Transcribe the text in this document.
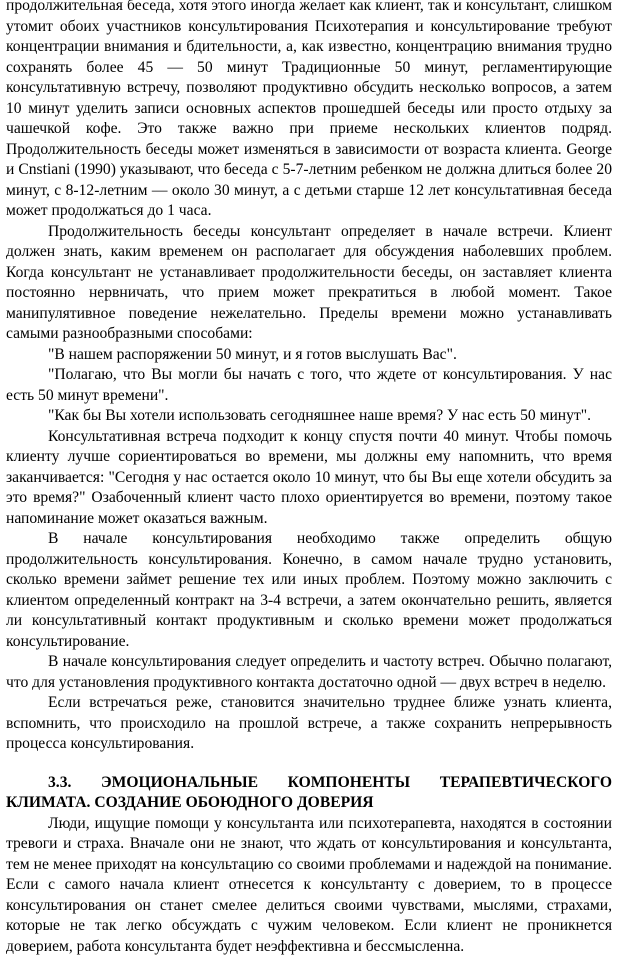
продолжительная беседа, хотя этого иногда желает как клиент, так и консультант, слишком утомит обоих участников консультирования Психотерапия и консультирование требуют концентрации внимания и бдительности, а, как известно, концентрацию внимания трудно сохранять более 45 — 50 минут Традиционные 50 минут, регламентирующие консультативную встречу, позволяют продуктивно обсудить несколько вопросов, а затем 10 минут уделить записи основных аспектов прошедшей беседы или просто отдыху за чашечкой кофе. Это также важно при приеме нескольких клиентов подряд. Продолжительность беседы может изменяться в зависимости от возраста клиента. George и Cnstiani (1990) указывают, что беседа с 5-7-летним ребенком не должна длиться более 20 минут, с 8-12-летним — около 30 минут, а с детьми старше 12 лет консультативная беседа может продолжаться до 1 часа.

Продолжительность беседы консультант определяет в начале встречи. Клиент должен знать, каким временем он располагает для обсуждения наболевших проблем. Когда консультант не устанавливает продолжительности беседы, он заставляет клиента постоянно нервничать, что прием может прекратиться в любой момент. Такое манипулятивное поведение нежелательно. Пределы времени можно устанавливать самыми разнообразными способами:

"В нашем распоряжении 50 минут, и я готов выслушать Вас".

"Полагаю, что Вы могли бы начать с того, что ждете от консультирования. У нас есть 50 минут времени".

"Как бы Вы хотели использовать сегодняшнее наше время? У нас есть 50 минут".

Консультативная встреча подходит к концу спустя почти 40 минут. Чтобы помочь клиенту лучше сориентироваться во времени, мы должны ему напомнить, что время заканчивается: "Сегодня у нас остается около 10 минут, что бы Вы еще хотели обсудить за это время?" Озабоченный клиент часто плохо ориентируется во времени, поэтому такое напоминание может оказаться важным.

В начале консультирования необходимо также определить общую продолжительность консультирования. Конечно, в самом начале трудно установить, сколько времени займет решение тех или иных проблем. Поэтому можно заключить с клиентом определенный контракт на 3-4 встречи, а затем окончательно решить, является ли консультативный контакт продуктивным и сколько времени может продолжаться консультирование.

В начале консультирования следует определить и частоту встреч. Обычно полагают, что для установления продуктивного контакта достаточно одной — двух встреч в неделю.

Если встречаться реже, становится значительно труднее ближе узнать клиента, вспомнить, что происходило на прошлой встрече, а также сохранить непрерывность процесса консультирования.

3.3. ЭМОЦИОНАЛЬНЫЕ КОМПОНЕНТЫ ТЕРАПЕВТИЧЕСКОГО КЛИМАТА. СОЗДАНИЕ ОБОЮДНОГО ДОВЕРИЯ

Люди, ищущие помощи у консультанта или психотерапевта, находятся в состоянии тревоги и страха. Вначале они не знают, что ждать от консультирования и консультанта, тем не менее приходят на консультацию со своими проблемами и надеждой на понимание. Если с самого начала клиент отнесется к консультанту с доверием, то в процессе консультирования он станет смелее делиться своими чувствами, мыслями, страхами, которые не так легко обсуждать с чужим человеком. Если клиент не проникнется доверием, работа консультанта будет неэффективна и бессмысленна.
